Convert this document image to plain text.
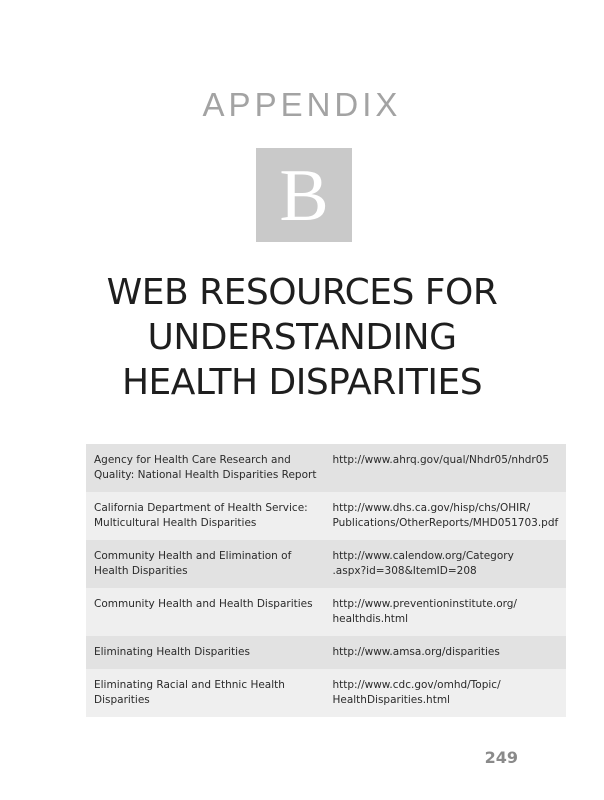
APPENDIX
B
WEB RESOURCES FOR
UNDERSTANDING
HEALTH DISPARITIES
Agency for Health Care Research and
Quality: National Health Disparities Report	http://www.ahrq.gov/qual/Nhdr05/nhdr05

California Department of Health Service:
Multicultural Health Disparities	http://www.dhs.ca.gov/hisp/chs/OHIR/
Publications/OtherReports/MHD051703.pdf

Community Health and Elimination of
Health Disparities	http://www.calendow.org/Category
.aspx?id=308&ItemID=208

Community Health and Health Disparities	http://www.preventioninstitute.org/
healthdis.html

Eliminating Health Disparities	http://www.amsa.org/disparities

Eliminating Racial and Ethnic Health
Disparities	http://www.cdc.gov/omhd/Topic/
HealthDisparities.html
249
